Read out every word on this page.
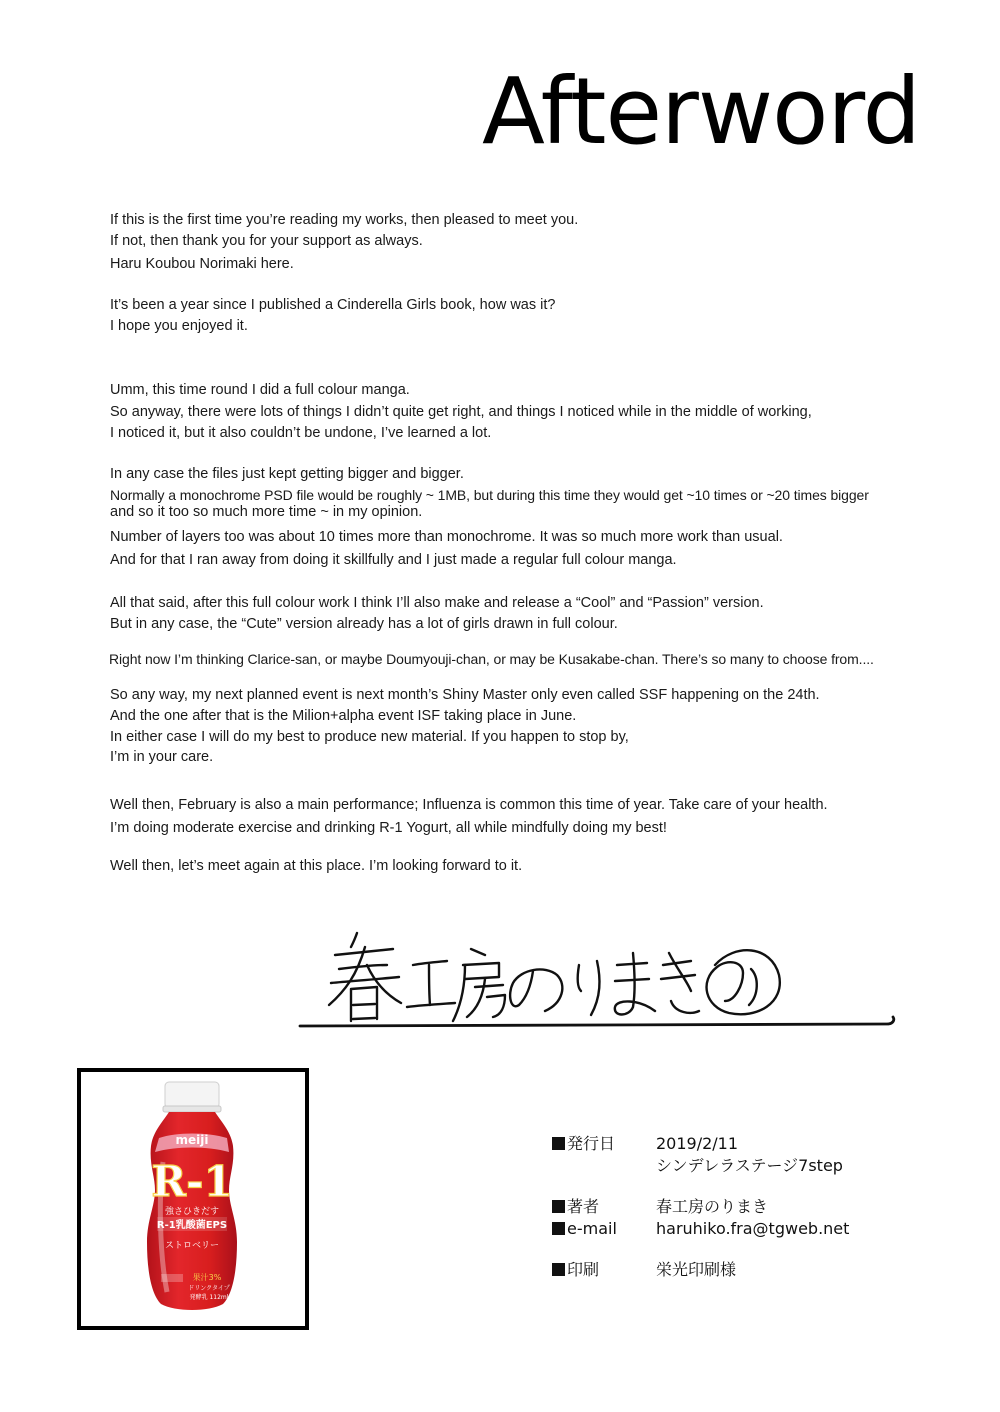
Afterword
If this is the first time you’re reading my works, then pleased to meet you.
If not, then thank you for your support as always.
Haru Koubou Norimaki here.
It’s been a year since I published a Cinderella Girls book, how was it?
I hope you enjoyed it.
Umm, this time round I did a full colour manga.
So anyway, there were lots of things I didn’t quite get right, and things I noticed while in the middle of working,
I noticed it, but it also couldn’t be undone, I’ve learned a lot.
In any case the files just kept getting bigger and bigger.
Normally a monochrome PSD file would be roughly ~ 1MB, but during this time they would get ~10 times or ~20 times bigger
and so it too so much more time ~ in my opinion.
Number of layers too was about 10 times more than monochrome. It was so much more work than usual.
And for that I ran away from doing it skillfully and I just made a regular full colour manga.
All that said, after this full colour work I think I’ll also make and release a “Cool” and “Passion” version.
But in any case, the “Cute” version already has a lot of girls drawn in full colour.
Right now I’m thinking Clarice-san, or maybe Doumyouji-chan, or may be Kusakabe-chan. There’s so many to choose from....
So any way, my next planned event is next month’s Shiny Master only even called SSF happening on the 24th.
And the one after that is the Milion+alpha event ISF taking place in June.
In either case I will do my best to produce new material. If you happen to stop by,
I’m in your care.
Well then, February is also a main performance; Influenza is common this time of year. Take care of your health.
I’m doing moderate exercise and drinking R-1 Yogurt, all while mindfully doing my best!
Well then, let’s meet again at this place. I’m looking forward to it.
meiji
R-1
強さひきだす
R-1乳酸菌EPS
ストロベリー
果汁3%
ドリンクタイプ
発酵乳 112ml
発行日	2019/2/11
シンデレラステージ7step
著者	春工房のりまき
e-mail haruhiko.fra@tgweb.net
印刷	栄光印刷様
